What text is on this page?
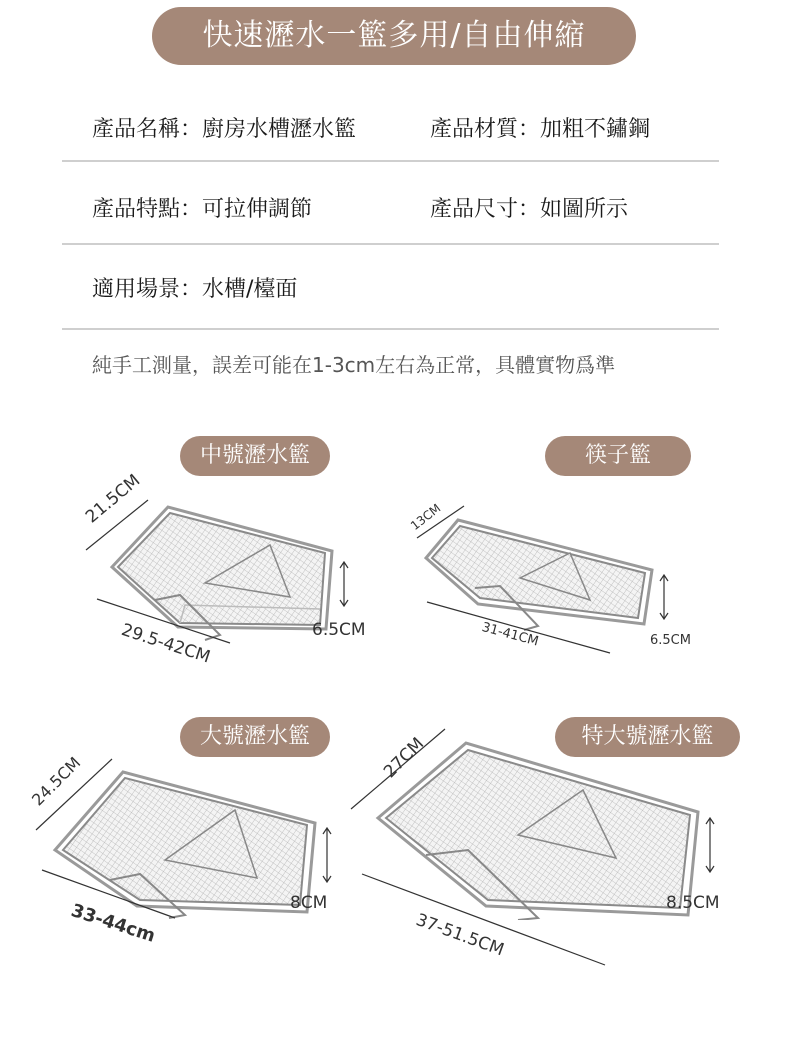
快速瀝水一籃多用/自由伸縮
產品名稱：廚房水槽瀝水籃	產品材質：加粗不鏽鋼
產品特點：可拉伸調節	產品尺寸：如圖所示
適用場景：水槽/檯面
純手工測量，誤差可能在1-3cm左右為正常，具體實物爲準
中號瀝水籃
21.5CM
29.5-42CM	6.5CM
筷子籃
13CM
31-41CM	6.5CM
大號瀝水籃
24.5CM
33-44cm	8CM
特大號瀝水籃
27CM
37-51.5CM
8.5CM
